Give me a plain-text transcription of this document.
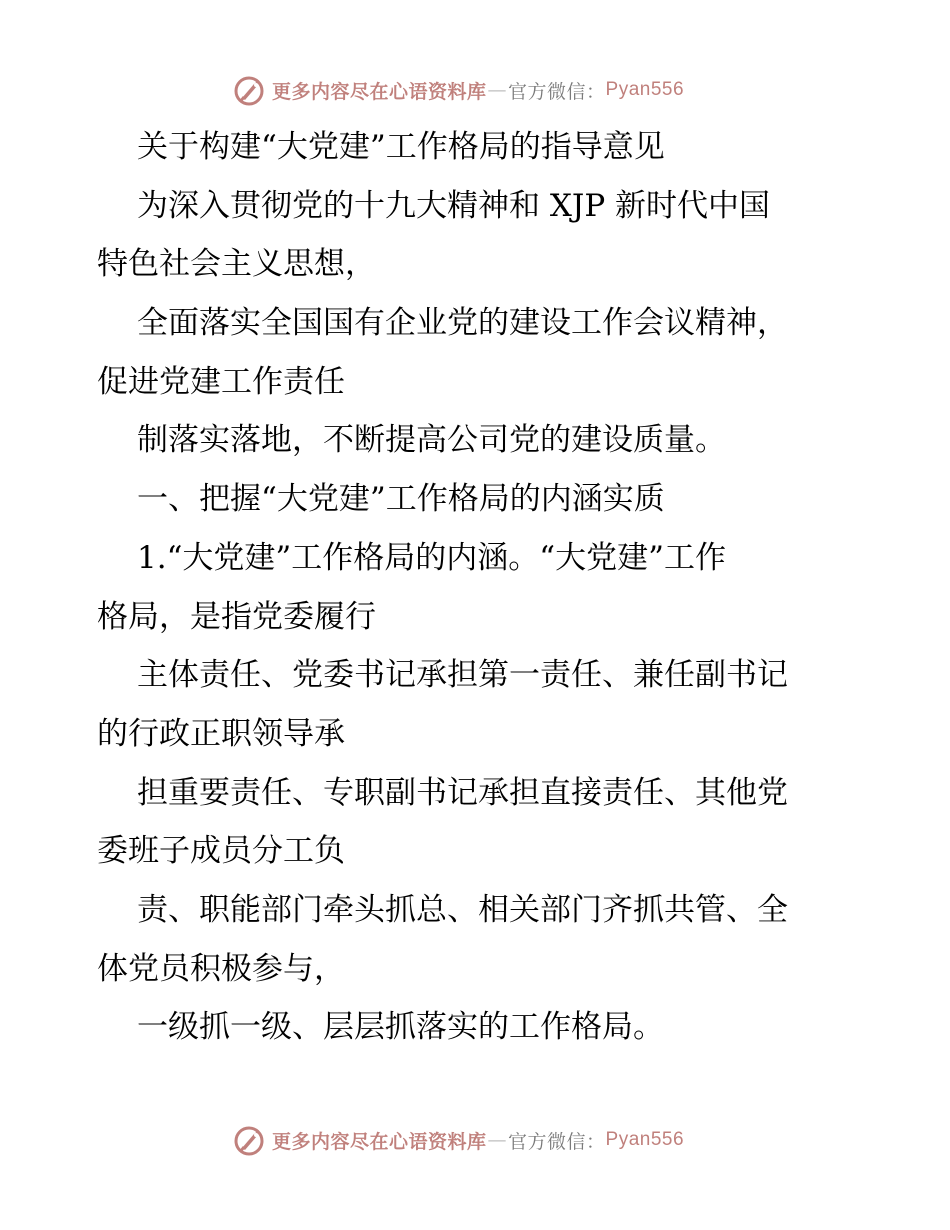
更多内容尽在心语资料库 — 官方微信： Pyan556
关于构建“大党建”工作格局的指导意见
为深入贯彻党的十九大精神和 XJP 新时代中国
特色社会主义思想，
全面落实全国国有企业党的建设工作会议精神，
促进党建工作责任
制落实落地，不断提高公司党的建设质量。
一、把握“大党建”工作格局的内涵实质
1.“大党建”工作格局的内涵。“大党建”工作
格局，是指党委履行
主体责任、党委书记承担第一责任、兼任副书记
的行政正职领导承
担重要责任、专职副书记承担直接责任、其他党
委班子成员分工负
责、职能部门牵头抓总、相关部门齐抓共管、全
体党员积极参与，
一级抓一级、层层抓落实的工作格局。
更多内容尽在心语资料库 — 官方微信： Pyan556
